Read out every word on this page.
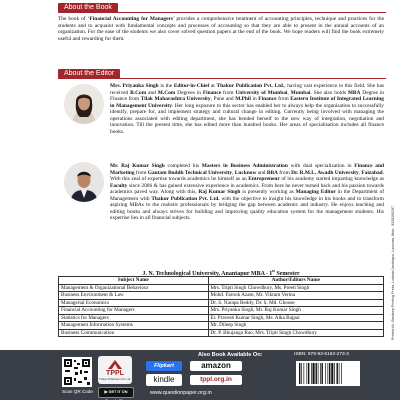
About the Book
The book of ‘Financial Accounting for Managers’ provides a comprehensive treatment of accounting principles, technique and practices for the students and to acquaint with fundamental concepts and processes of accounting so that they are able to present in the annual accounts of an organization. For the ease of the students we also cover solved question papers at the end of the book. We hope readers will find the book extremely useful and rewarding for them.
About the Editor
Mrs. Priyanka Singh is the Editor-in-Chief at Thakur Publication Pvt. Ltd., having vast experience in this field. She has received B.Com and M.Com Degrees in Finance from University of Mumbai, Mumbai. She also holds MBA Degree in Finance from Tilak Maharashtra University, Pune and M.Phil in Finance from Eastern Institute of Integrated Learning in Management University. Her long exposure to this sector has enabled her to always help the organisation to successfully identify, prepare for, and implement strategy and cultural change in editing. Currently being involved with managing the operations associated with editing department, she has bended herself to the new way of integration, negotiation and innovation. Till the present time, she has edited more than hundred books. Her areas of specialisation includes all finance books.
Mr. Raj Kumar Singh completed his Masters in Business Administration with dual specialization in Finance and Marketing from Gautam Buddh Technical University, Lucknow and BBA from Dr. R.M.L. Awadh University, Faizabad. With this zeal of expertise towards academics he himself as an Entrepreneur of his academy started imparting knowledge as Faculty since 2006 & has gained extensive experience in academics. From here he never turned back and his passion towards academics paved way. Along with this, Raj Kumar Singh is presently working as Managing Editor in the Department of Management with Thakur Publication Pvt. Ltd. with the objective to insight his knowledge in his books and to transform aspiring MBAs to the realistic professionals by bridging the gap between academic and industry. He enjoys teaching and editing books and always strives for building and improving quality education system for the management students. His expertise lies in all financial subjects.	Printed At: Sandeep Printing Press, Lodwar/Jandrapur, Lucknow, Mob.: 9335195297
J. N. Technological University, Anantapur MBA - Ist Semester
Subject Name	Author/Editors Name
Management & Organizational Behaviour	Mrs. Tripti Singh Chowdhury, Ms. Preeti Singh
Business Environment & Law	Mohd. Farook Azam, Mr. Vikram Verma
Managerial Economics	Dr. S. Narapa Reddy, Dr. S. Md. Ghouse
Financial Accounting for Managers	Mrs. Priyanka Singh, Mr. Raj Kumar Singh
Statistics for Managers	Er. Pravesh Kumar Singh, Ms. Alka Bajpai
Management Information Systems	Mr. Dileep Singh
Business Communication	Dr. P. Bhujanga Rao, Mrs. Tripti Singh Chowdhury
Scan QR Code
TPPL
Thakur Publication Pvt. Ltd.
▶ GET IT ON Google Play
Also Book Available On:
Flipkart	amazon
kindle	tppl.org.in
www.questionpaper.org.in
ISBN: 978-93-5163-273-3
